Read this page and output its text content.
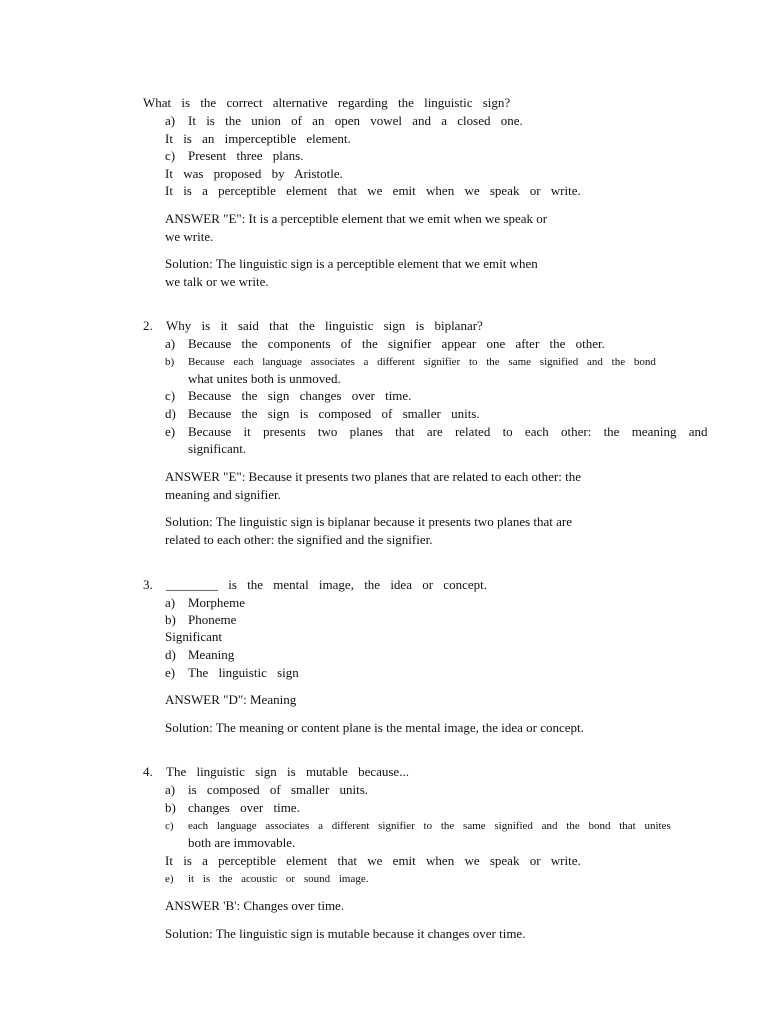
What is the correct alternative regarding the linguistic sign?
a) It is the union of an open vowel and a closed one.
It is an imperceptible element.
c) Present three plans.
It was proposed by Aristotle.
It is a perceptible element that we emit when we speak or write.
ANSWER "E": It is a perceptible element that we emit when we speak or
we write.
Solution: The linguistic sign is a perceptible element that we emit when
we talk or we write.
2. Why is it said that the linguistic sign is biplanar?
a) Because the components of the signifier appear one after the other.
b) Because each language associates a different signifier to the same signified and the bond
what unites both is unmoved.
c) Because the sign changes over time.
d) Because the sign is composed of smaller units.
e) Because it presents two planes that are related to each other: the meaning and
significant.
ANSWER "E": Because it presents two planes that are related to each other: the
meaning and signifier.
Solution: The linguistic sign is biplanar because it presents two planes that are
related to each other: the signified and the signifier.
3. ________ is the mental image, the idea or concept.
a) Morpheme
b) Phoneme
Significant
d) Meaning
e) The linguistic sign
ANSWER "D": Meaning
Solution: The meaning or content plane is the mental image, the idea or concept.
4. The linguistic sign is mutable because...
a) is composed of smaller units.
b) changes over time.
c) each language associates a different signifier to the same signified and the bond that unites
both are immovable.
It is a perceptible element that we emit when we speak or write.
e) it is the acoustic or sound image.
ANSWER 'B': Changes over time.
Solution: The linguistic sign is mutable because it changes over time.
